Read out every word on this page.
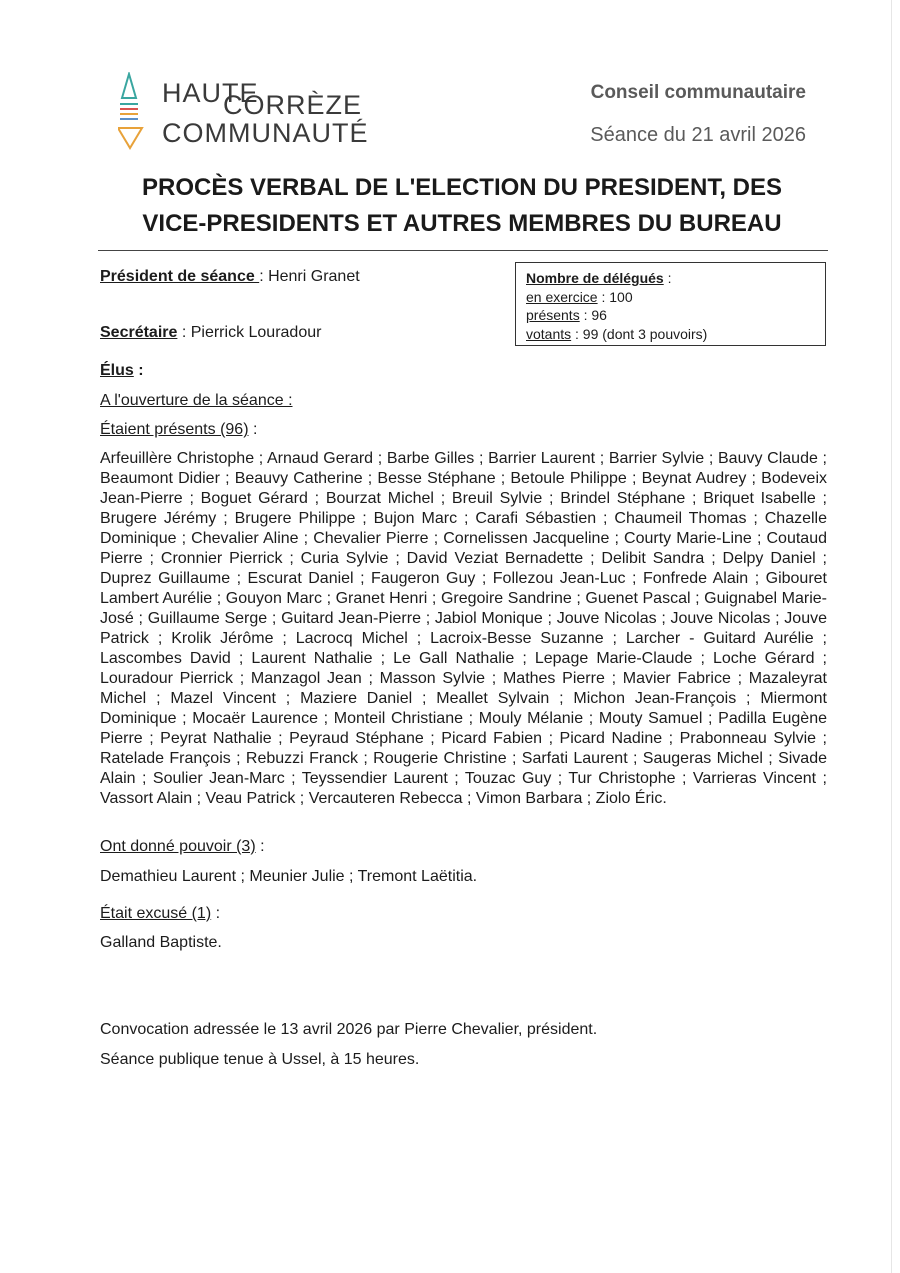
HAUTE
CORRÈZE
COMMUNAUTÉ
Conseil communautaire
Séance du 21 avril 2026
PROCÈS VERBAL DE L'ELECTION DU PRESIDENT, DES
VICE-PRESIDENTS ET AUTRES MEMBRES DU BUREAU
Président de séance : Henri Granet
Secrétaire : Pierrick Louradour
Nombre de délégués :
en exercice : 100
présents : 96
votants : 99 (dont 3 pouvoirs)
Élus :
A l'ouverture de la séance :
Étaient présents (96) :
Arfeuillère Christophe ; Arnaud Gerard ; Barbe Gilles ; Barrier Laurent ; Barrier Sylvie ; Bauvy Claude ; Beaumont Didier ; Beauvy Catherine ; Besse Stéphane ; Betoule Philippe ; Beynat Audrey ; Bodeveix Jean-Pierre ; Boguet Gérard ; Bourzat Michel ; Breuil Sylvie ; Brindel Stéphane ; Briquet Isabelle ; Brugere Jérémy ; Brugere Philippe ; Bujon Marc ; Carafi Sébastien ; Chaumeil Thomas ; Chazelle Dominique ; Chevalier Aline ; Chevalier Pierre ; Cornelissen Jacqueline ; Courty Marie-Line ; Coutaud Pierre ; Cronnier Pierrick ; Curia Sylvie ; David Veziat Bernadette ; Delibit Sandra ; Delpy Daniel ; Duprez Guillaume ; Escurat Daniel ; Faugeron Guy ; Follezou Jean-Luc ; Fonfrede Alain ; Gibouret Lambert Aurélie ; Gouyon Marc ; Granet Henri ; Gregoire Sandrine ; Guenet Pascal ; Guignabel Marie-José ; Guillaume Serge ; Guitard Jean-Pierre ; Jabiol Monique ; Jouve Nicolas ; Jouve Nicolas ; Jouve Patrick ; Krolik Jérôme ; Lacrocq Michel ; Lacroix-Besse Suzanne ; Larcher - Guitard Aurélie ; Lascombes David ; Laurent Nathalie ; Le Gall Nathalie ; Lepage Marie-Claude ; Loche Gérard ; Louradour Pierrick ; Manzagol Jean ; Masson Sylvie ; Mathes Pierre ; Mavier Fabrice ; Mazaleyrat Michel ; Mazel Vincent ; Maziere Daniel ; Meallet Sylvain ; Michon Jean-François ; Miermont Dominique ; Mocaër Laurence ; Monteil Christiane ; Mouly Mélanie ; Mouty Samuel ; Padilla Eugène Pierre ; Peyrat Nathalie ; Peyraud Stéphane ; Picard Fabien ; Picard Nadine ; Prabonneau Sylvie ; Ratelade François ; Rebuzzi Franck ; Rougerie Christine ; Sarfati Laurent ; Saugeras Michel ; Sivade Alain ; Soulier Jean-Marc ; Teyssendier Laurent ; Touzac Guy ; Tur Christophe ; Varrieras Vincent ; Vassort Alain ; Veau Patrick ; Vercauteren Rebecca ; Vimon Barbara ; Ziolo Éric.
Ont donné pouvoir (3) :
Demathieu Laurent ; Meunier Julie ; Tremont Laëtitia.
Était excusé (1) :
Galland Baptiste.
Convocation adressée le 13 avril 2026 par Pierre Chevalier, président.
Séance publique tenue à Ussel, à 15 heures.
